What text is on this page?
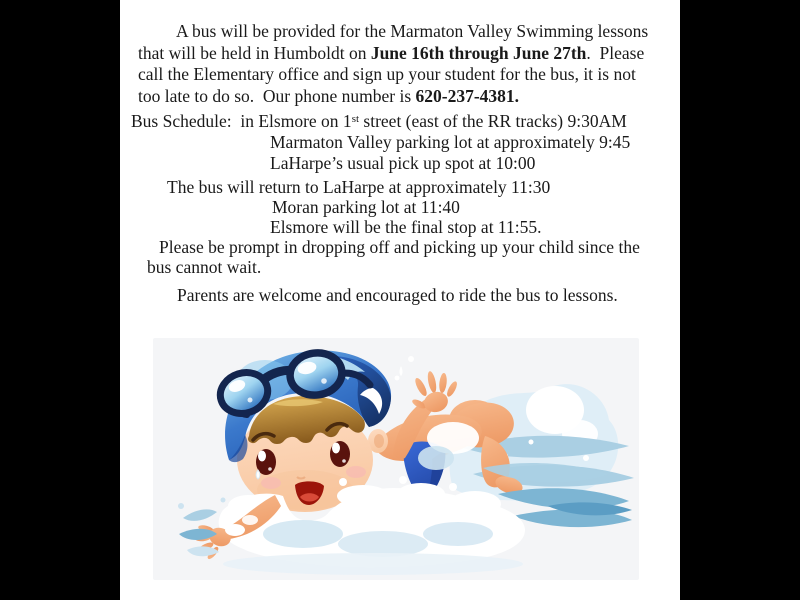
A bus will be provided for the Marmaton Valley Swimming lessons
that will be held in Humboldt on June 16th through June 27th.  Please
call the Elementary office and sign up your student for the bus, it is not
too late to do so.  Our phone number is 620-237-4381.
Bus Schedule:  in Elsmore on 1st street (east of the RR tracks) 9:30AM
Marmaton Valley parking lot at approximately 9:45
LaHarpe’s usual pick up spot at 10:00
The bus will return to LaHarpe at approximately 11:30
Moran parking lot at 11:40
Elsmore will be the final stop at 11:55.
Please be prompt in dropping off and picking up your child since the
bus cannot wait.
Parents are welcome and encouraged to ride the bus to lessons.
